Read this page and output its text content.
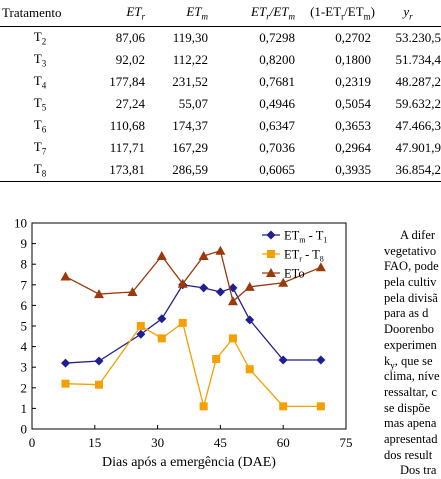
Tratamento	$ET_r$	$ET_m$	$ET_r/ET_m$	$(1-ET_r/ET_m)$	$y_r$
$T_2$	87,06	119,30	0,7298	0,2702	53.230,5
$T_3$	92,02	112,22	0,8200	0,1800	51.734,4
$T_4$	177,84	231,52	0,7681	0,2319	48.287,2
$T_5$	27,24	55,07	0,4946	0,5054	59.632,2
$T_6$	110,68	174,37	0,6347	0,3653	47.466,3
$T_7$	117,71	167,29	0,7036	0,2964	47.901,9
$T_8$	173,81	286,59	0,6065	0,3935	36.854,2
0
1
2
3
4
5
6
7
8
9
10
0	15	30	45	60	75
Dias após a emergência (DAE)
$ET_m - T_1$
$ET_r - T_8$
ETo
A difer
vegetativo
FAO, pode
pela cultiv
pela divisã
para as d
Doorenbo
experimen
$k_y$, que se
clima, níve
ressaltar, c
se dispõe
mas apena
apresentad
dos result
Dos tra
